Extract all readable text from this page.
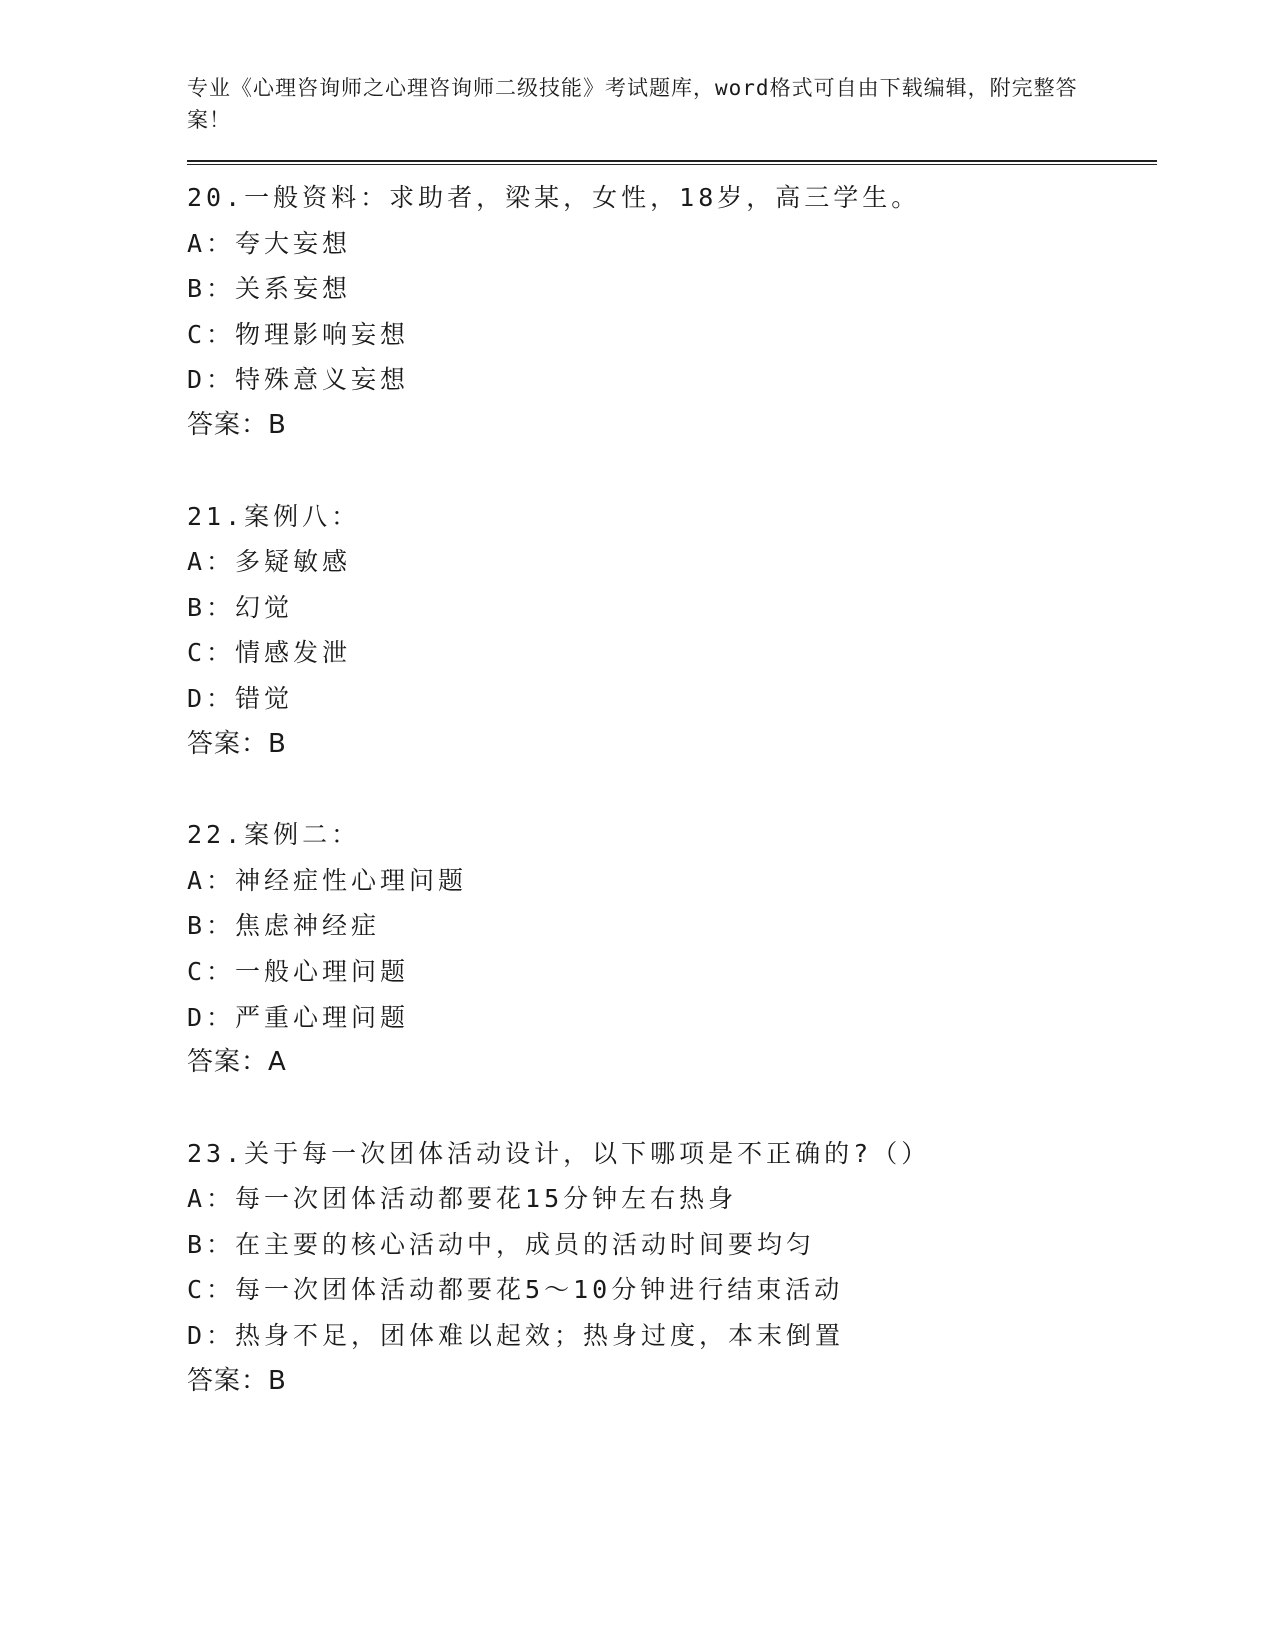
专业《心理咨询师之心理咨询师二级技能》考试题库，word格式可自由下载编辑，附完整答案！

20.一般资料：求助者，梁某，女性，18岁，高三学生。
A：夸大妄想
B：关系妄想
C：物理影响妄想
D：特殊意义妄想
答案：B
21.案例八：
A：多疑敏感
B：幻觉
C：情感发泄
D：错觉
答案：B
22.案例二：
A：神经症性心理问题
B：焦虑神经症
C：一般心理问题
D：严重心理问题
答案：A
23.关于每一次团体活动设计，以下哪项是不正确的?（）
A：每一次团体活动都要花15分钟左右热身
B：在主要的核心活动中，成员的活动时间要均匀
C：每一次团体活动都要花5～10分钟进行结束活动
D：热身不足，团体难以起效；热身过度，本末倒置
答案：B
